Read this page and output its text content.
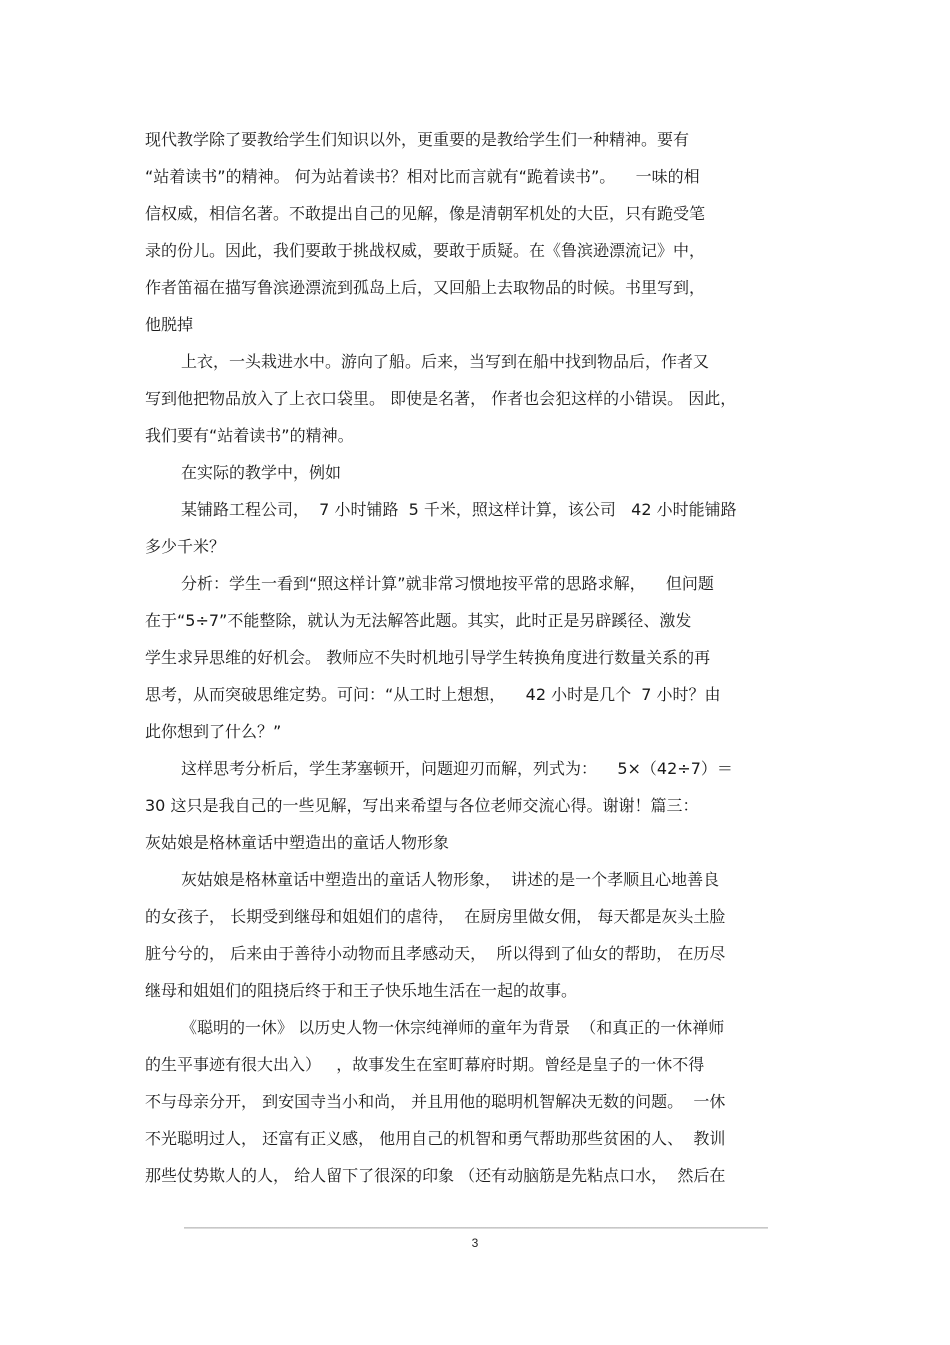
现代教学除了要教给学生们知识以外，更重要的是教给学生们一种精神。要有
“站着读书”的精神。 何为站着读书？相对比而言就有“跪着读书”。    一味的相
信权威，相信名著。不敢提出自己的见解，像是清朝军机处的大臣，只有跪受笔
录的份儿。因此，我们要敢于挑战权威，要敢于质疑。在《鲁滨逊漂流记》中，
作者笛福在描写鲁滨逊漂流到孤岛上后，又回船上去取物品的时候。书里写到，
他脱掉
上衣，一头栽进水中。游向了船。后来，当写到在船中找到物品后，作者又
写到他把物品放入了上衣口袋里。 即使是名著， 作者也会犯这样的小错误。 因此，
我们要有“站着读书”的精神。
在实际的教学中，例如
某铺路工程公司，  7 小时铺路  5 千米，照这样计算，该公司   42 小时能铺路
多少千米？
分析：学生一看到“照这样计算”就非常习惯地按平常的思路求解，    但问题
在于“5÷7”不能整除，就认为无法解答此题。其实，此时正是另辟蹊径、激发
学生求异思维的好机会。 教师应不失时机地引导学生转换角度进行数量关系的再
思考，从而突破思维定势。可问：“从工时上想想，    42 小时是几个  7 小时？由
此你想到了什么？”
这样思考分析后，学生茅塞顿开，问题迎刃而解，列式为：    5×（42÷7）＝
30 这只是我自己的一些见解，写出来希望与各位老师交流心得。谢谢！篇三：
灰姑娘是格林童话中塑造出的童话人物形象
灰姑娘是格林童话中塑造出的童话人物形象，  讲述的是一个孝顺且心地善良
的女孩子， 长期受到继母和姐姐们的虐待，  在厨房里做女佣， 每天都是灰头土脸
脏兮兮的， 后来由于善待小动物而且孝感动天，  所以得到了仙女的帮助， 在历尽
继母和姐姐们的阻挠后终于和王子快乐地生活在一起的故事。
《聪明的一休》 以历史人物一休宗纯禅师的童年为背景  （和真正的一休禅师
的生平事迹有很大出入）   ，故事发生在室町幕府时期。曾经是皇子的一休不得
不与母亲分开， 到安国寺当小和尚， 并且用他的聪明机智解决无数的问题。  一休
不光聪明过人， 还富有正义感， 他用自己的机智和勇气帮助那些贫困的人、  教训
那些仗势欺人的人， 给人留下了很深的印象 （还有动脑筋是先粘点口水，  然后在
3
